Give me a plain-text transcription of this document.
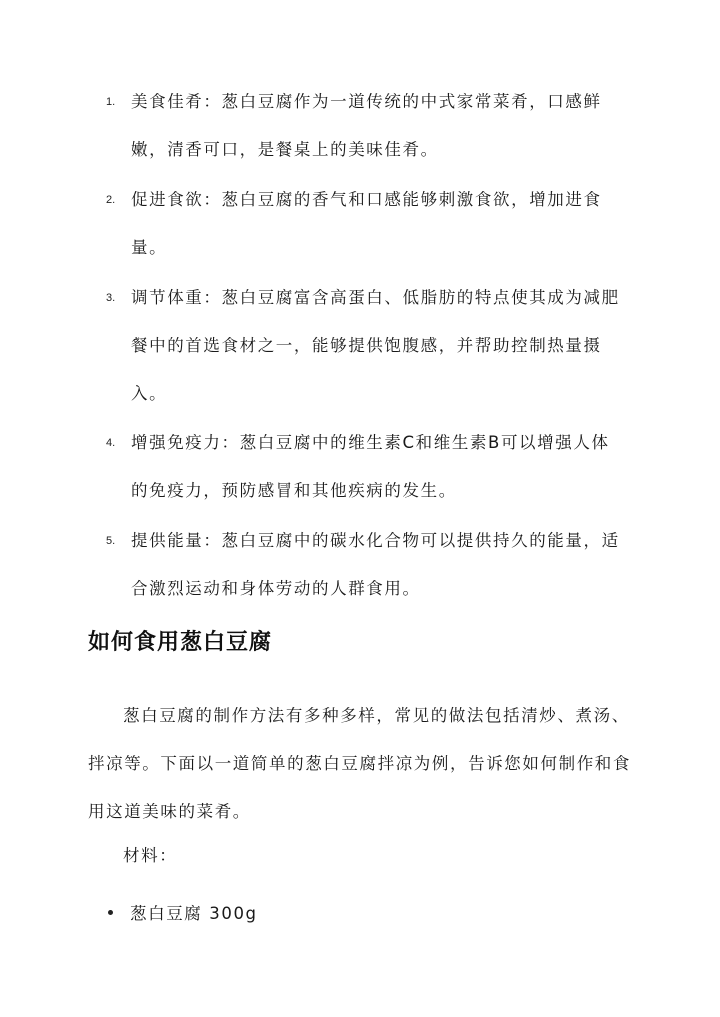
1. 美食佳肴：葱白豆腐作为一道传统的中式家常菜肴，口感鲜嫩，清香可口，是餐桌上的美味佳肴。
2. 促进食欲：葱白豆腐的香气和口感能够刺激食欲，增加进食量。
3. 调节体重：葱白豆腐富含高蛋白、低脂肪的特点使其成为减肥餐中的首选食材之一，能够提供饱腹感，并帮助控制热量摄入。
4. 增强免疫力：葱白豆腐中的维生素C和维生素B可以增强人体的免疫力，预防感冒和其他疾病的发生。
5. 提供能量：葱白豆腐中的碳水化合物可以提供持久的能量，适合激烈运动和身体劳动的人群食用。
如何食用葱白豆腐
葱白豆腐的制作方法有多种多样，常见的做法包括清炒、煮汤、拌凉等。下面以一道简单的葱白豆腐拌凉为例，告诉您如何制作和食用这道美味的菜肴。
材料：
葱白豆腐 300g
